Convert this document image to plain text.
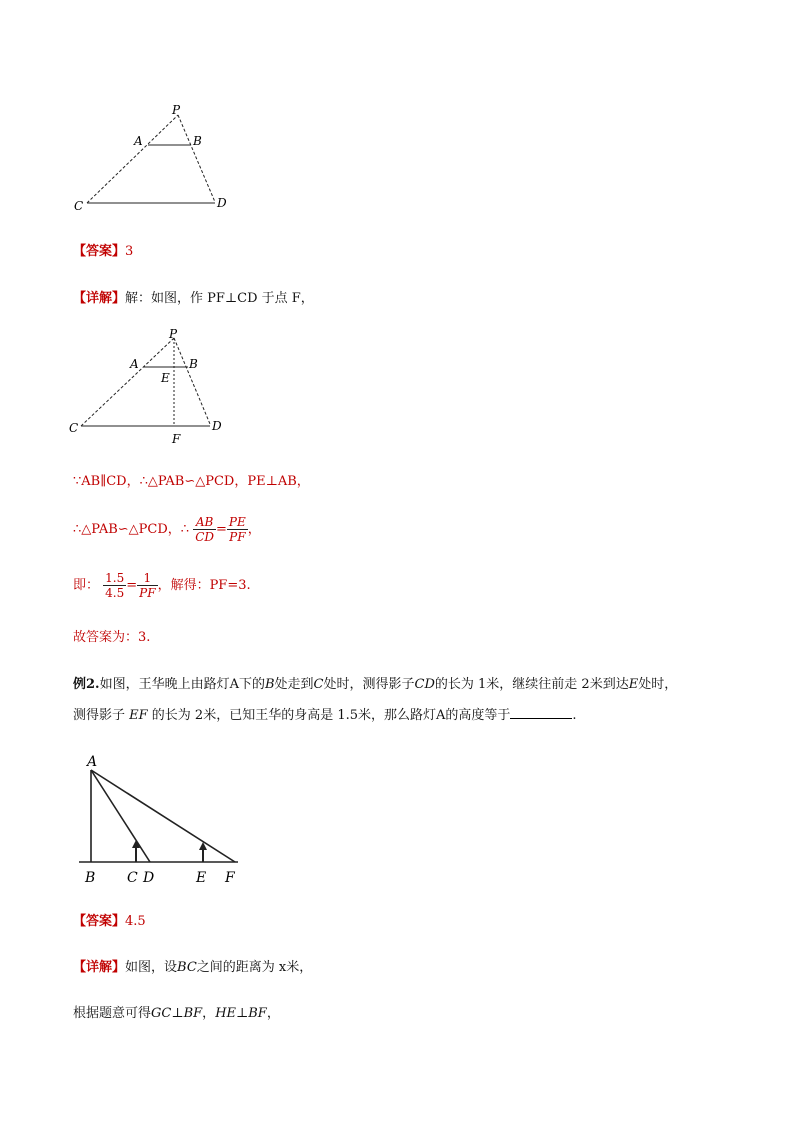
P
A	B
C	D
【答案】3
【详解】解：如图，作 PF⊥CD 于点 F，
P
A	B
E
C	D
F
∵AB∥CD，∴△PAB∽△PCD，PE⊥AB，
∴△PAB∽△PCD，∴ $\frac{AB}{CD} = \frac{PE}{PF}$ ，
即： $\frac{1.5}{4.5} = \frac{1}{PF}$ ，解得：PF=3.
故答案为：3.
例2.如图，王华晚上由路灯A下的B处走到C处时，测得影子CD的长为 1米，继续往前走 2米到达E处时，
测得影子 EF 的长为 2米，已知王华的身高是 1.5米，那么路灯A的高度等于	.
A
B C D	E F
【答案】4.5
【详解】如图，设BC之间的距离为 x米，
根据题意可得GC⊥BF，HE⊥BF，
